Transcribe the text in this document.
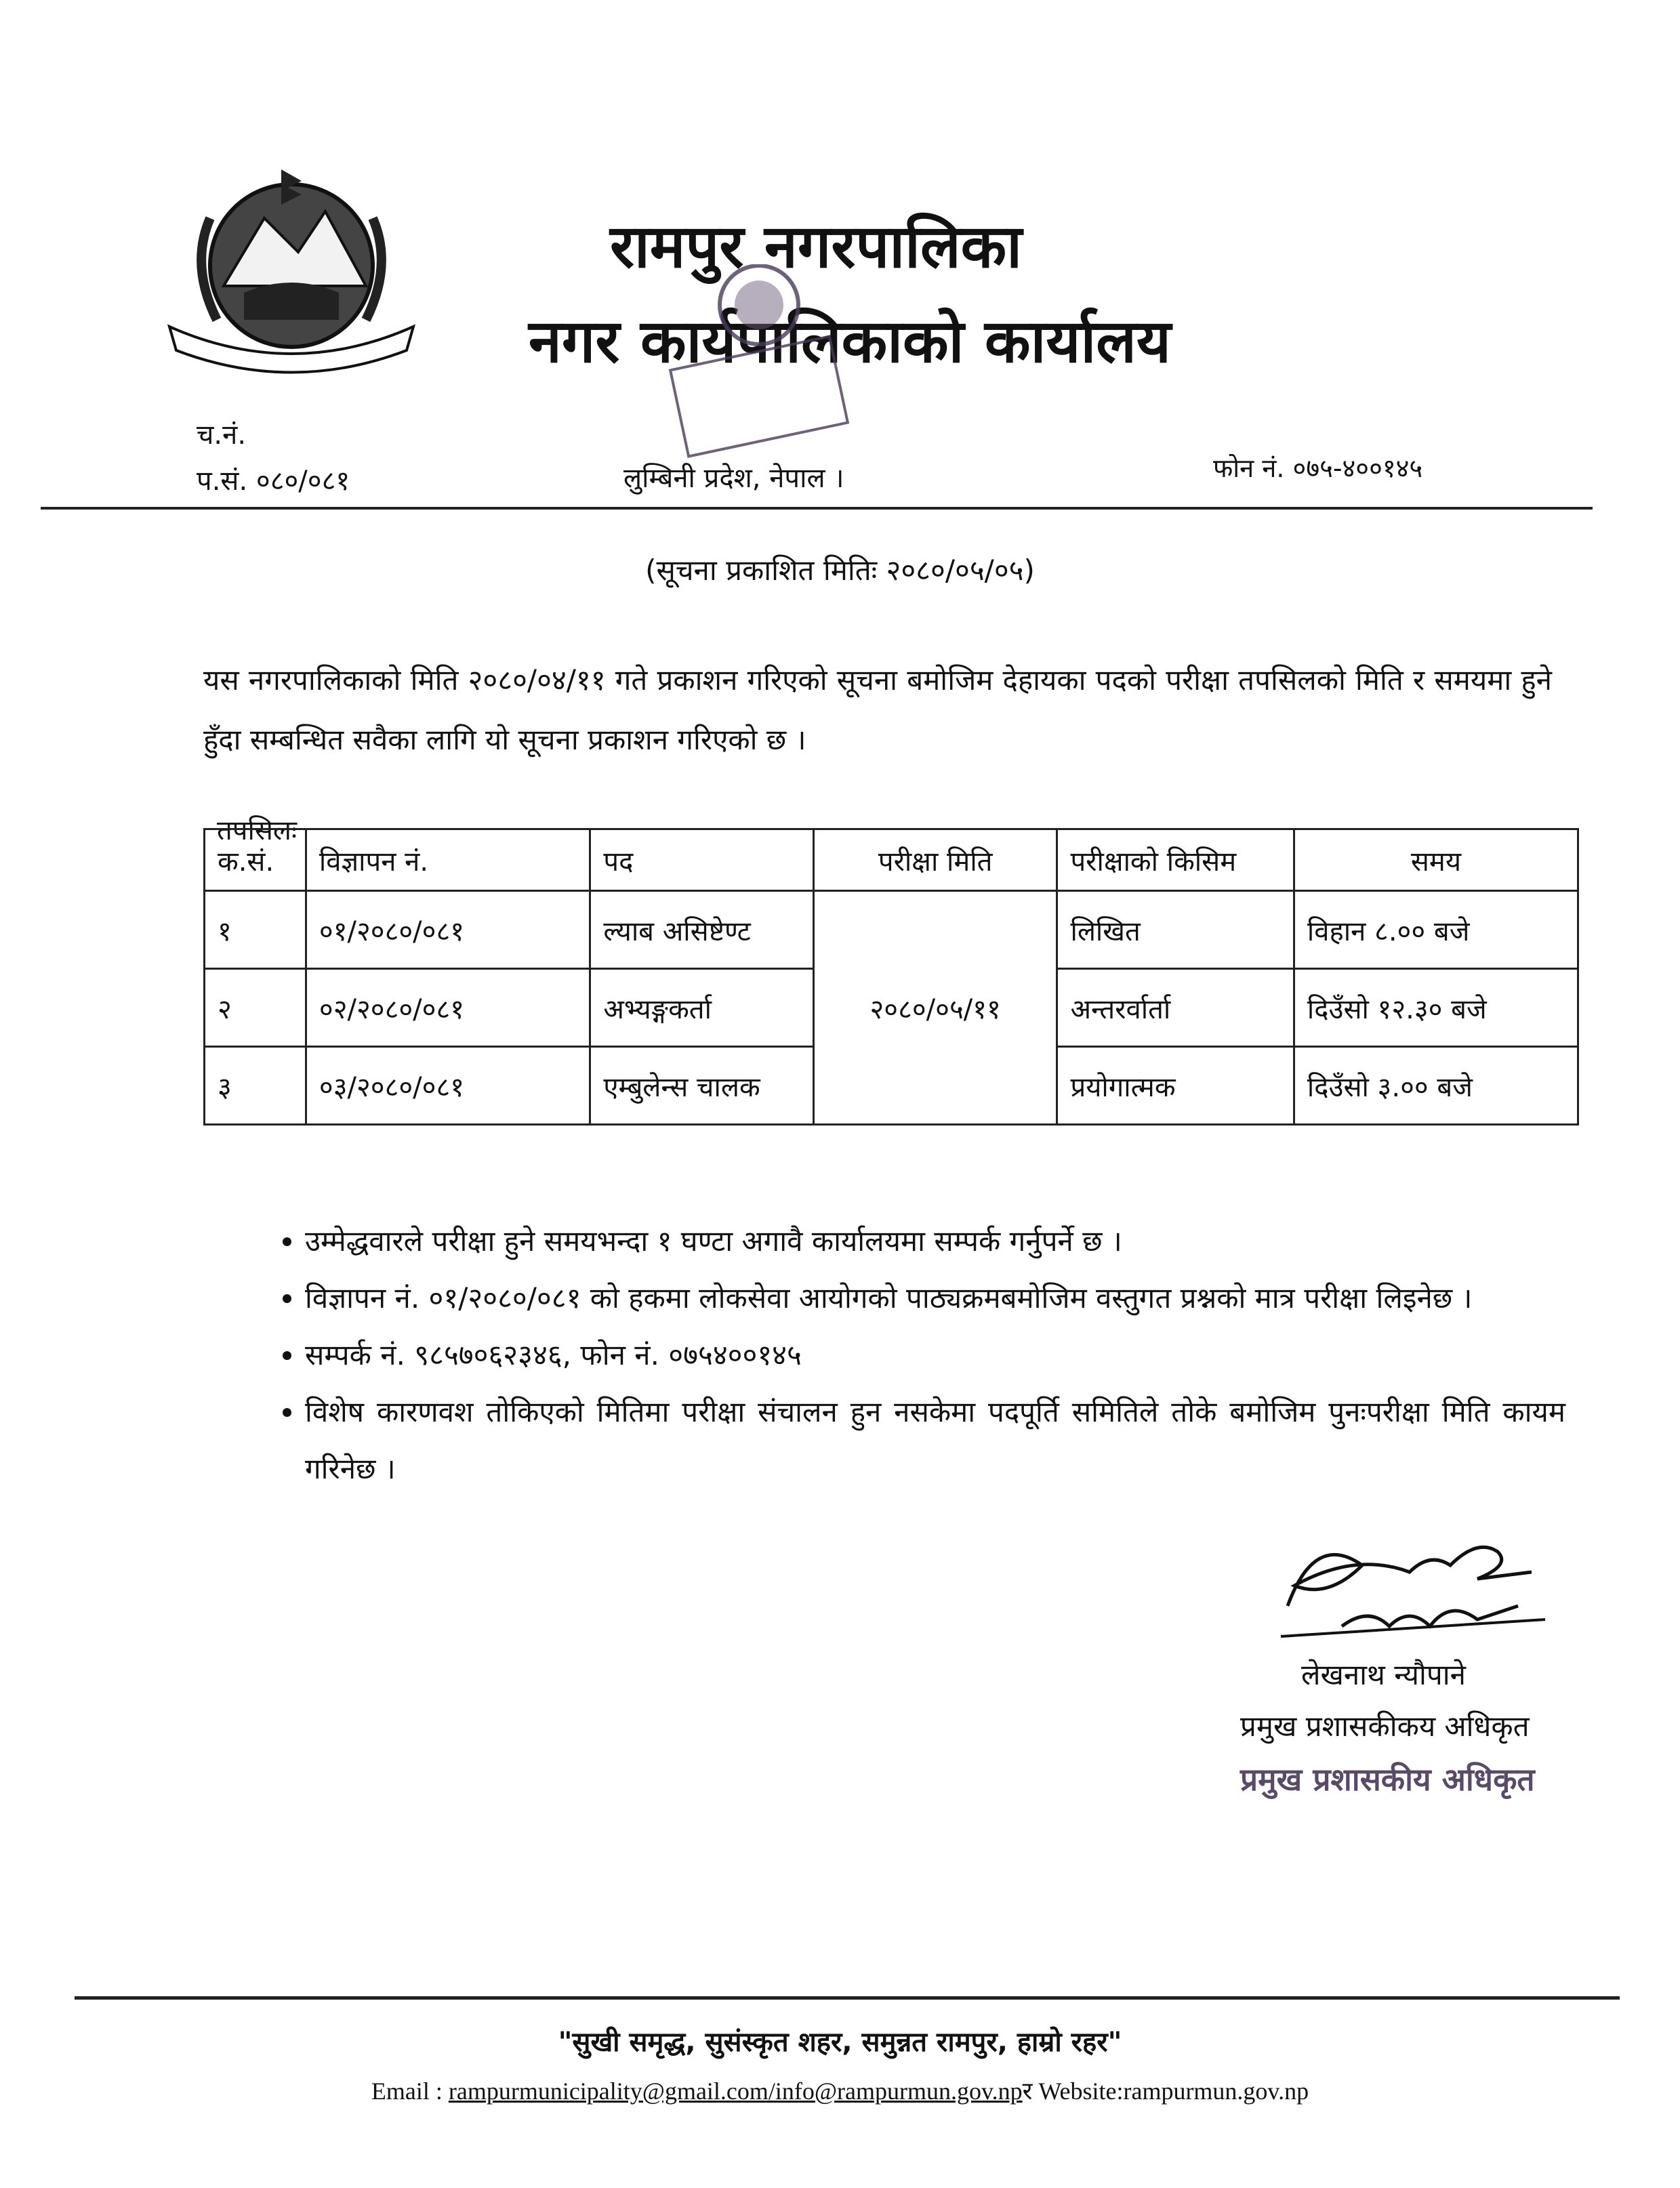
रामपुर नगरपालिका
नगर कार्यपालिकाको कार्यालय
च.नं.
प.सं. ०८०/०८१	लुम्बिनी प्रदेश, नेपाल ।	फोन नं. ०७५-४००१४५
(सूचना प्रकाशित मितिः २०८०/०५/०५)
यस नगरपालिकाको मिति २०८०/०४/११ गते प्रकाशन गरिएको सूचना बमोजिम देहायका पदको परीक्षा तपसिलको मिति र समयमा हुने हुँदा सम्बन्धित सवैका लागि यो सूचना प्रकाशन गरिएको छ ।
तपसिलः
क.सं.	विज्ञापन नं.	पद	परीक्षा मिति	परीक्षाको किसिम	समय
१	०१/२०८०/०८१	ल्याब असिष्टेण्ट	२०८०/०५/११	लिखित	विहान ८.०० बजे
२	०२/२०८०/०८१	अभ्यङ्गकर्ता		अन्तरर्वार्ता	दिउँसो १२.३० बजे
३	०३/२०८०/०८१	एम्बुलेन्स चालक		प्रयोगात्मक	दिउँसो ३.०० बजे
• उम्मेद्धवारले परीक्षा हुने समयभन्दा १ घण्टा अगावै कार्यालयमा सम्पर्क गर्नुपर्ने छ ।
• विज्ञापन नं. ०१/२०८०/०८१ को हकमा लोकसेवा आयोगको पाठ्यक्रमबमोजिम वस्तुगत प्रश्नको मात्र परीक्षा लिइनेछ ।
• सम्पर्क नं. ९८५७०६२३४६, फोन नं. ०७५४००१४५
• विशेष कारणवश तोकिएको मितिमा परीक्षा संचालन हुन नसकेमा पदपूर्ति समितिले तोके बमोजिम पुनःपरीक्षा मिति कायम गरिनेछ ।
लेखनाथ न्यौपाने
प्रमुख प्रशासकीकय अधिकृत
प्रमुख प्रशासकीय अधिकृत
"सुखी समृद्ध, सुसंस्कृत शहर, समुन्नत रामपुर, हाम्रो रहर"
Email : rampurmunicipality@gmail.com/info@rampurmun.gov.npर Website:rampurmun.gov.np
